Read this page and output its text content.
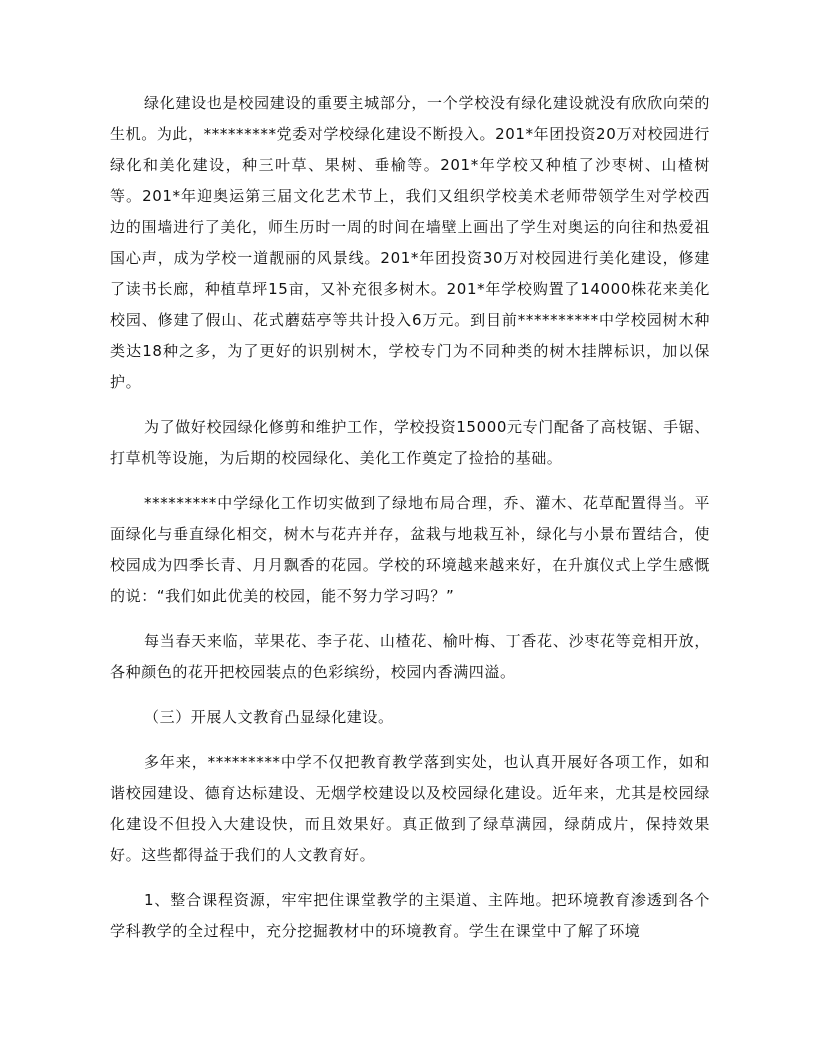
绿化建设也是校园建设的重要主城部分，一个学校没有绿化建设就没有欣欣向荣的生机。为此，*********党委对学校绿化建设不断投入。201*年团投资20万对校园进行绿化和美化建设，种三叶草、果树、垂榆等。201*年学校又种植了沙枣树、山楂树等。201*年迎奥运第三届文化艺术节上，我们又组织学校美术老师带领学生对学校西边的围墙进行了美化，师生历时一周的时间在墙壁上画出了学生对奥运的向往和热爱祖国心声，成为学校一道靓丽的风景线。201*年团投资30万对校园进行美化建设，修建了读书长廊，种植草坪15亩，又补充很多树木。201*年学校购置了14000株花来美化校园、修建了假山、花式蘑菇亭等共计投入6万元。到目前**********中学校园树木种类达18种之多，为了更好的识别树木，学校专门为不同种类的树木挂牌标识，加以保护。

为了做好校园绿化修剪和维护工作，学校投资15000元专门配备了高枝锯、手锯、打草机等设施，为后期的校园绿化、美化工作奠定了捡拾的基础。

*********中学绿化工作切实做到了绿地布局合理，乔、灌木、花草配置得当。平面绿化与垂直绿化相交，树木与花卉并存，盆栽与地栽互补，绿化与小景布置结合，使校园成为四季长青、月月飘香的花园。学校的环境越来越来好，在升旗仪式上学生感慨的说：“我们如此优美的校园，能不努力学习吗？”

每当春天来临，苹果花、李子花、山楂花、榆叶梅、丁香花、沙枣花等竞相开放，各种颜色的花开把校园装点的色彩缤纷，校园内香满四溢。

（三）开展人文教育凸显绿化建设。

多年来，*********中学不仅把教育教学落到实处，也认真开展好各项工作，如和谐校园建设、德育达标建设、无烟学校建设以及校园绿化建设。近年来，尤其是校园绿化建设不但投入大建设快，而且效果好。真正做到了绿草满园，绿荫成片，保持效果好。这些都得益于我们的人文教育好。

1、整合课程资源，牢牢把住课堂教学的主渠道、主阵地。把环境教育渗透到各个学科教学的全过程中，充分挖掘教材中的环境教育。学生在课堂中了解了环境
